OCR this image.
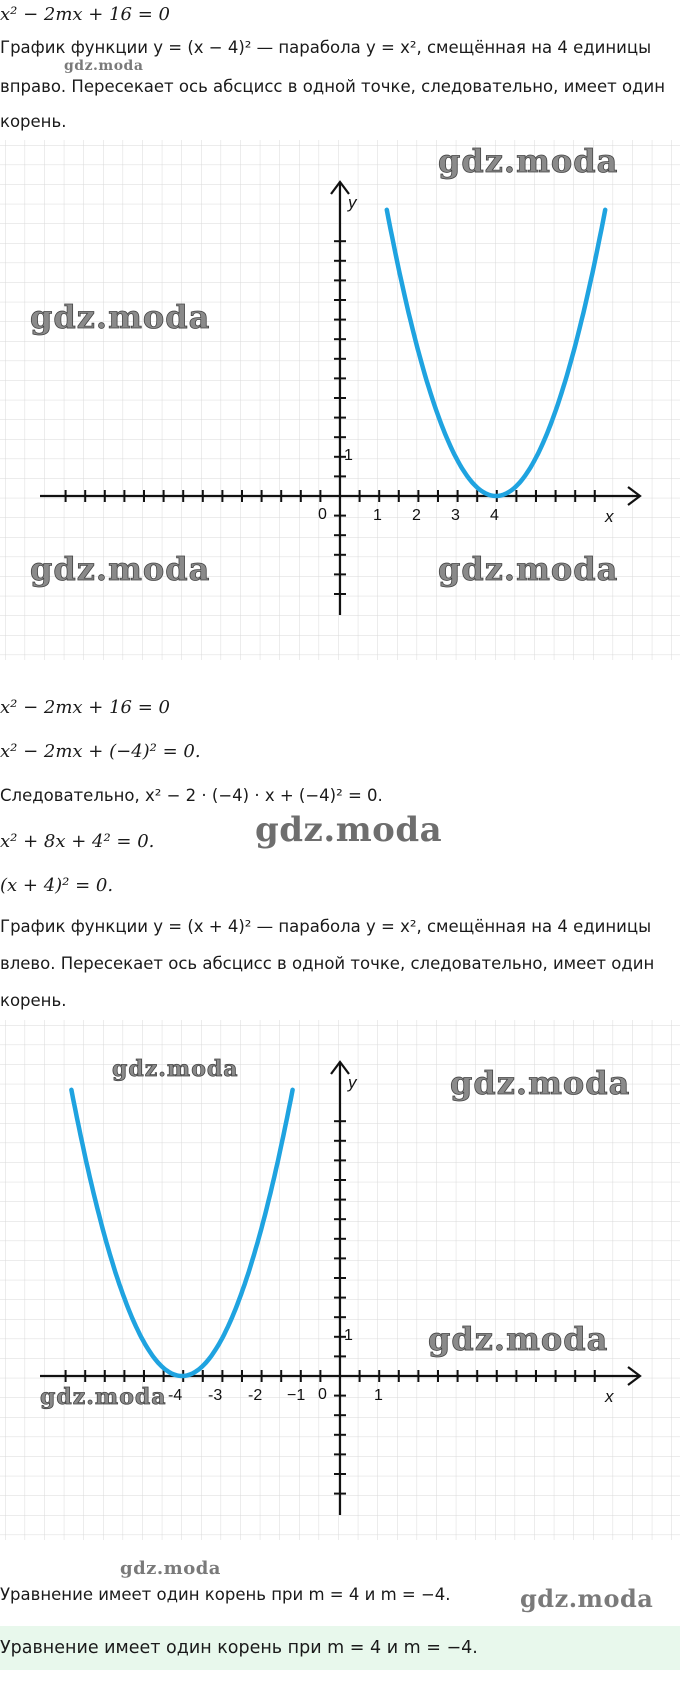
x² − 2mx + 16 = 0
График функции y = (x − 4)² — парабола y = x², смещённая на 4 единицы
gdz.moda
вправо. Пересекает ось абсцисс в одной точке, следовательно, имеет один
корень.
gdz.moda
gdz.moda
gdz.moda	gdz.moda
y
x
0	1 2 3 4
1
x² − 2mx + 16 = 0
x² − 2mx + (−4)² = 0.
Следовательно, x² − 2 · (−4) · x + (−4)² = 0.
gdz.moda
x² + 8x + 4² = 0.
(x + 4)² = 0.
График функции y = (x + 4)² — парабола y = x², смещённая на 4 единицы
влево. Пересекает ось абсцисс в одной точке, следовательно, имеет один
корень.
gdz.moda	gdz.moda
gdz.moda
gdz.moda
y
x
0
-4 -3 -2 −1	1
1
gdz.moda
Уравнение имеет один корень при m = 4 и m = −4.	gdz.moda
Уравнение имеет один корень при m = 4 и m = −4.
